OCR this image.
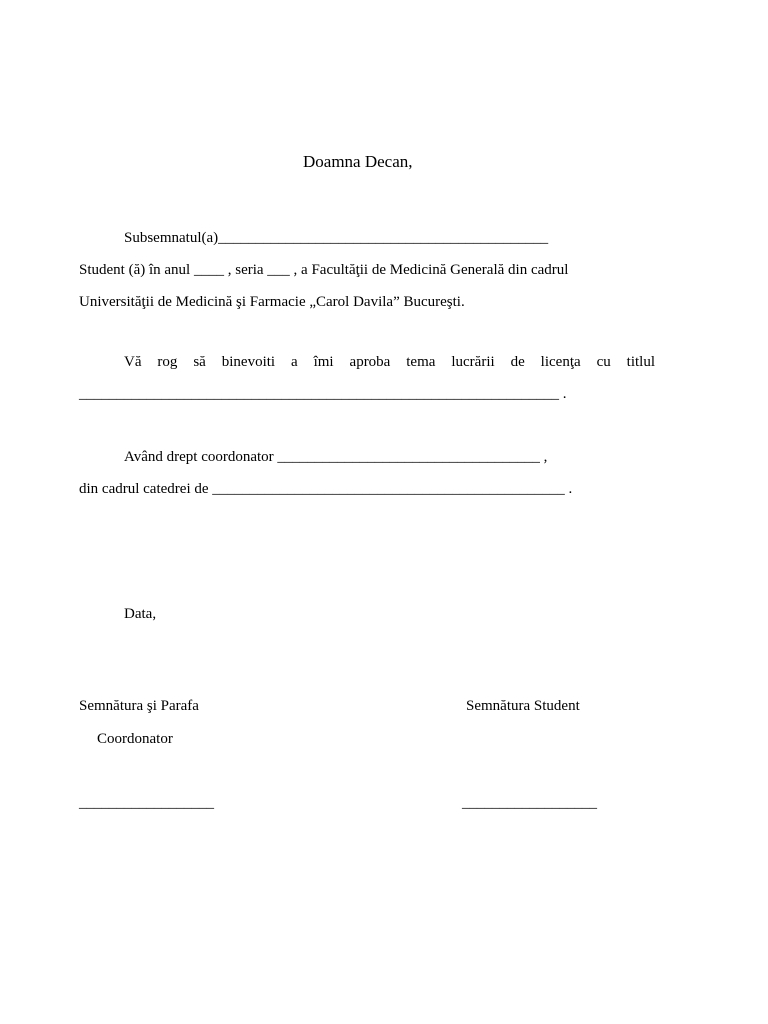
Doamna Decan,
Subsemnatul(a)____________________________________________
Student (ă) în anul ____ , seria ___ , a Facultăţii de Medicină Generală din cadrul
Universităţii de Medicină şi Farmacie „Carol Davila” Bucureşti.
Vă rog să binevoiti a îmi aproba tema lucrării de licenţa cu titlul
________________________________________________________________ .
Având drept coordonator ___________________________________ ,
din cadrul catedrei de _______________________________________________ .
Data,
Semnătura şi Parafa
Coordonator
Semnătura Student
__________________	__________________
